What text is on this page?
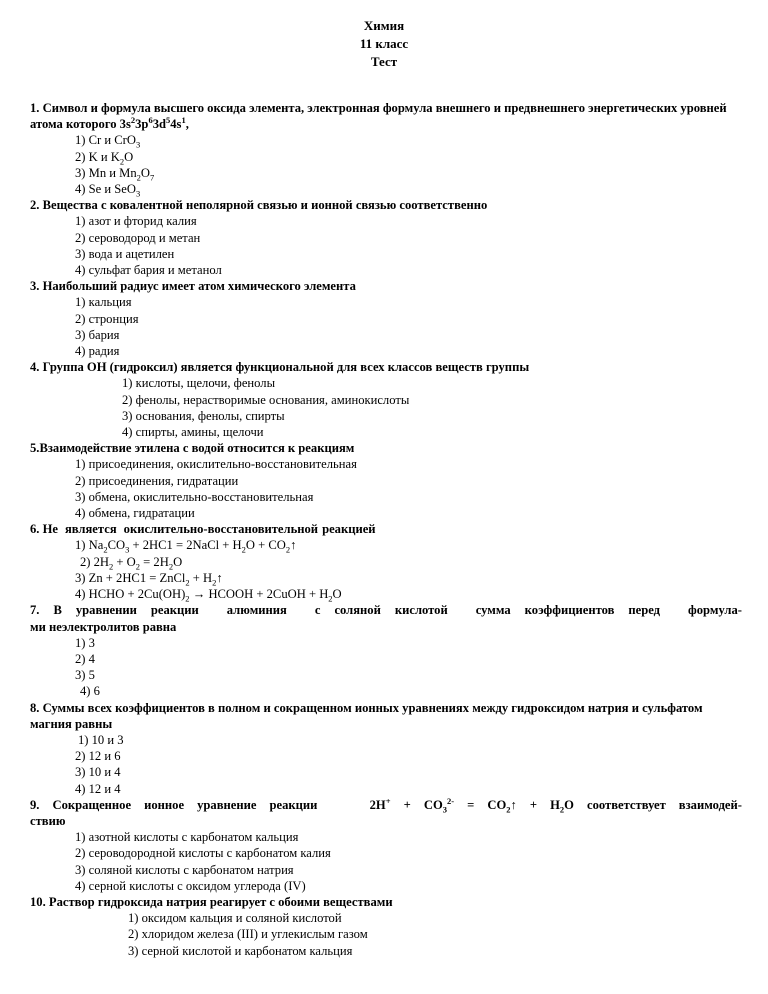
Химия
11 класс
Тест
1. Символ и формула высшего оксида элемента, электронная формула внешнего и предвнешнего энергетических уровней атома которого $3s^23p^63d^54s^1$,
1) Cr и CrO$_3$
2) K и $K_2O$
3) Mn и $Mn_2O_7$
4) Se и SeO$_3$
2. Вещества с ковалентной неполярной связью и ионной связью соответственно
1) азот и фторид калия
2) сероводород и метан
3) вода и ацетилен
4) сульфат бария и метанол
3. Наибольший радиус имеет атом химического элемента
1) кальция
2) стронция
3) бария
4) радия
4. Группа ОН (гидроксил) является функциональной для всех классов веществ группы
1) кислоты, щелочи, фенолы
2) фенолы, нерастворимые основания, аминокислоты
3) основания, фенолы, спирты
4) спирты, амины, щелочи
5.Взаимодействие этилена с водой относится к реакциям
1) присоединения, окислительно-восстановительная
2) присоединения, гидратации
3) обмена, окислительно-восстановительная
4) обмена, гидратации
6. Не является окислительно-восстановительной реакцией
1) $Na_2CO_3 + 2HC1$ = 2NaCl + $H_2O$ + $CO_2↑$
2) $2H_2 + O_2 = 2H_2O$
3) Zn + 2HC1 = ZnCl$_2$ + $H_2↑$
4) HCHO + $2Cu(OH)_2$ → HCOOH + 2CuOH + $H_2O$
7. В уравнении реакции  алюминия  с соляной кислотой  сумма коэффициентов перед  формула-
ми неэлектролитов равна
1) 3
2) 4
3) 5
4) 6
8. Суммы всех коэффициентов в полном и сокращенном ионных уравнениях между гидроксидом натрия и сульфатом магния равны
1) 10 и 3
2) 12 и 6
3) 10 и 4
4) 12 и 4
9. Сокращенное ионное уравнение реакции    $2H^+ + CO_3^{2-}$ = $CO_2↑ + H_2O$ соответствует взаимодей-
ствию
1) азотной кислоты с карбонатом кальция
2) сероводородной кислоты с карбонатом калия
3) соляной кислоты с карбонатом натрия
4) серной кислоты с оксидом углерода (IV)
10. Раствор гидроксида натрия реагирует с обоими веществами
1) оксидом кальция и соляной кислотой
2) хлоридом железа (III) и углекислым газом
3) серной кислотой и карбонатом кальция
